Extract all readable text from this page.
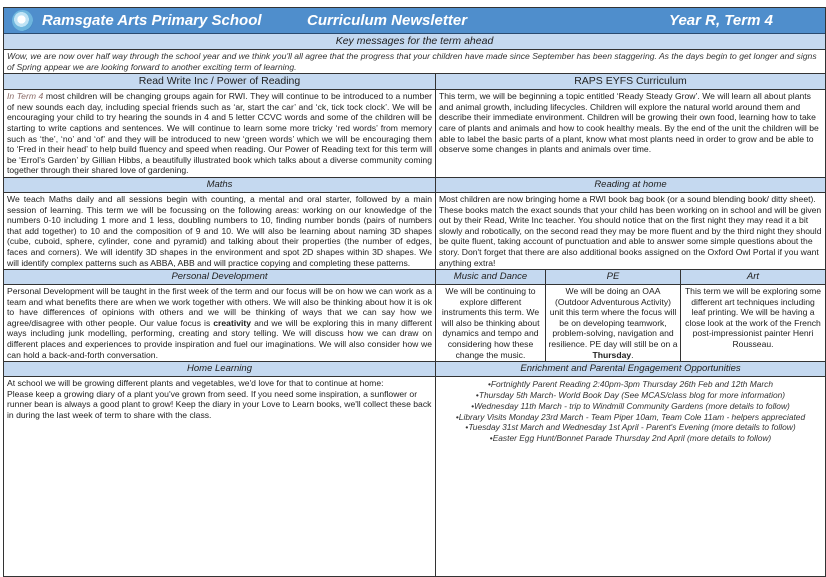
Ramsgate Arts Primary School	Curriculum Newsletter	Year R, Term 4
Key messages for the term ahead
Wow, we are now over half way through the school year and we think you'll all agree that the progress that your children have made since September has been staggering. As the days begin to get longer and signs of Spring appear we are looking forward to another exciting term of learning.
Read Write Inc / Power of Reading
In Term 4 most children will be changing groups again for RWI. They will continue to be introduced to a number of new sounds each day, including special friends such as ‘ar, start the car’ and ‘ck, tick tock clock’. We will be encouraging your child to try hearing the sounds in 4 and 5 letter CCVC words and some of the children will be starting to write captions and sentences. We will continue to learn some more tricky ‘red words’ from memory such as ‘the’, ‘no’ and ‘of’ and they will be introduced to new ‘green words’ which we will be encouraging them to ‘Fred in their head’ to help build fluency and speed when reading. Our Power of Reading text for this term will be ‘Errol’s Garden’ by Gillian Hibbs, a beautifully illustrated book which talks about a diverse community coming together through their shared love of gardening.
RAPS EYFS Curriculum
This term, we will be beginning a topic entitled ‘Ready Steady Grow’. We will learn all about plants and animal growth, including lifecycles. Children will explore the natural world around them and describe their immediate environment. Children will be growing their own food, learning how to take care of plants and animals and how to cook healthy meals. By the end of the unit the children will be able to label the basic parts of a plant, know what most plants need in order to grow and be able to observe some changes in plants and animals over time.
Maths
We teach Maths daily and all sessions begin with counting, a mental and oral starter, followed by a main session of learning. This term we will be focussing on the following areas: working on our knowledge of the numbers 0-10 including 1 more and 1 less, doubling numbers to 10, finding number bonds (pairs of numbers that add together) to 10 and the composition of 9 and 10. We will also be learning about naming 3D shapes (cube, cuboid, sphere, cylinder, cone and pyramid) and talking about their properties (the number of edges, faces and corners). We will identify 3D shapes in the environment and spot 2D shapes within 3D shapes. We will identify complex patterns such as ABBA, ABB and will practice copying and completing these patterns.
Reading at home
Most children are now bringing home a RWI book bag book (or a sound blending book/ ditty sheet). These books match the exact sounds that your child has been working on in school and will be given out by their Read, Write Inc teacher. You should notice that on the first night they may read it a bit slowly and robotically, on the second read they may be more fluent and by the third night they should be quite fluent, taking account of punctuation and able to answer some simple questions about the story. Don't forget that there are also additional books assigned on the Oxford Owl Portal if you want anything extra!
Personal Development
Personal Development will be taught in the first week of the term and our focus will be on how we can work as a team and what benefits there are when we work together with others. We will also be thinking about how it is ok to have differences of opinions with others and we will be thinking of ways that we can say how we agree/disagree with other people. Our value focus is creativity and we will be exploring this in many different ways including junk modelling, performing, creating and story telling. We will discuss how we can draw on different places and experiences to provide inspiration and fuel our imaginations. We will also consider how we can hold a back-and-forth conversation.
Music and Dance
We will be continuing to explore different instruments this term. We will also be thinking about dynamics and tempo and considering how these change the music.
PE
We will be doing an OAA (Outdoor Adventurous Activity) unit this term where the focus will be on developing teamwork, problem-solving, navigation and resilience. PE day will still be on a Thursday.
Art
This term we will be exploring some different art techniques including leaf printing. We will be having a close look at the work of the French post-impressionist painter Henri Rousseau.
Home Learning
At school we will be growing different plants and vegetables, we'd love for that to continue at home:
Please keep a growing diary of a plant you've grown from seed. If you need some inspiration, a sunflower or runner bean is always a good plant to grow! Keep the diary in your Love to Learn books, we'll collect these back in during the last week of term to share with the class.
Enrichment and Parental Engagement Opportunities
• Fortnightly Parent Reading 2:40pm-3pm Thursday 26th Feb and 12th March
• Thursday 5th March- World Book Day (See MCAS/class blog for more information)
• Wednesday 11th March - trip to Windmill Community Gardens (more details to follow)
• Library Visits Monday 23rd March - Team Piper 10am, Team Cole 11am - helpers appreciated
• Tuesday 31st March and Wednesday 1st April - Parent's Evening (more details to follow)
• Easter Egg Hunt/Bonnet Parade Thursday 2nd April (more details to follow)
